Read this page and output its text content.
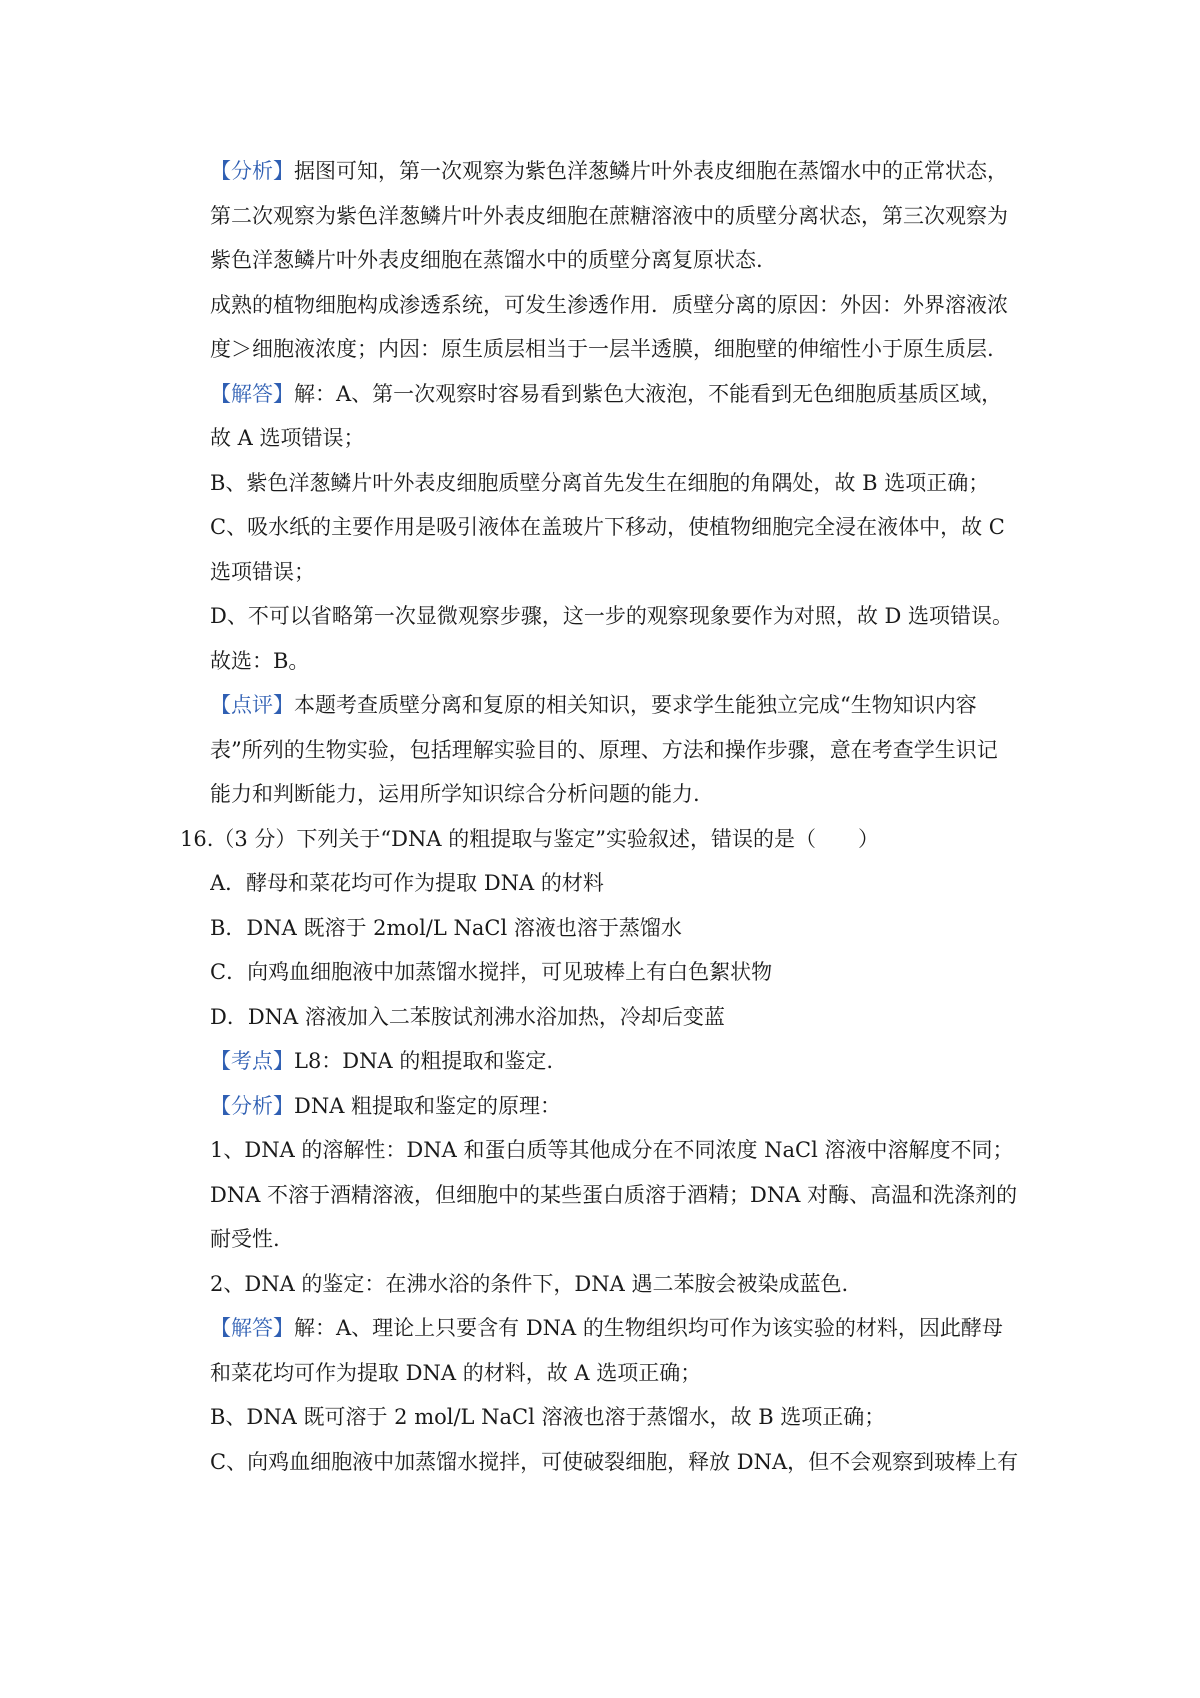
【分析】据图可知，第一次观察为紫色洋葱鳞片叶外表皮细胞在蒸馏水中的正常状态，
第二次观察为紫色洋葱鳞片叶外表皮细胞在蔗糖溶液中的质壁分离状态，第三次观察为
紫色洋葱鳞片叶外表皮细胞在蒸馏水中的质壁分离复原状态.
成熟的植物细胞构成渗透系统，可发生渗透作用．质壁分离的原因：外因：外界溶液浓
度＞细胞液浓度；内因：原生质层相当于一层半透膜，细胞壁的伸缩性小于原生质层.
【解答】解：A、第一次观察时容易看到紫色大液泡，不能看到无色细胞质基质区域，
故 A 选项错误；
B、紫色洋葱鳞片叶外表皮细胞质壁分离首先发生在细胞的角隅处，故 B 选项正确；
C、吸水纸的主要作用是吸引液体在盖玻片下移动，使植物细胞完全浸在液体中，故 C
选项错误；
D、不可以省略第一次显微观察步骤，这一步的观察现象要作为对照，故 D 选项错误。
故选：B。
【点评】本题考查质壁分离和复原的相关知识，要求学生能独立完成“生物知识内容
表”所列的生物实验，包括理解实验目的、原理、方法和操作步骤，意在考查学生识记
能力和判断能力，运用所学知识综合分析问题的能力.
16.（3 分）下列关于“DNA 的粗提取与鉴定”实验叙述，错误的是（　　）
A．酵母和菜花均可作为提取 DNA 的材料
B．DNA 既溶于 2mol/L NaCl 溶液也溶于蒸馏水
C．向鸡血细胞液中加蒸馏水搅拌，可见玻棒上有白色絮状物
D．DNA 溶液加入二苯胺试剂沸水浴加热，冷却后变蓝
【考点】L8：DNA 的粗提取和鉴定.
【分析】DNA 粗提取和鉴定的原理：
1、DNA 的溶解性：DNA 和蛋白质等其他成分在不同浓度 NaCl 溶液中溶解度不同；
DNA 不溶于酒精溶液，但细胞中的某些蛋白质溶于酒精；DNA 对酶、高温和洗涤剂的
耐受性.
2、DNA 的鉴定：在沸水浴的条件下，DNA 遇二苯胺会被染成蓝色.
【解答】解：A、理论上只要含有 DNA 的生物组织均可作为该实验的材料，因此酵母
和菜花均可作为提取 DNA 的材料，故 A 选项正确；
B、DNA 既可溶于 2 mol/L NaCl 溶液也溶于蒸馏水，故 B 选项正确；
C、向鸡血细胞液中加蒸馏水搅拌，可使破裂细胞，释放 DNA，但不会观察到玻棒上有
